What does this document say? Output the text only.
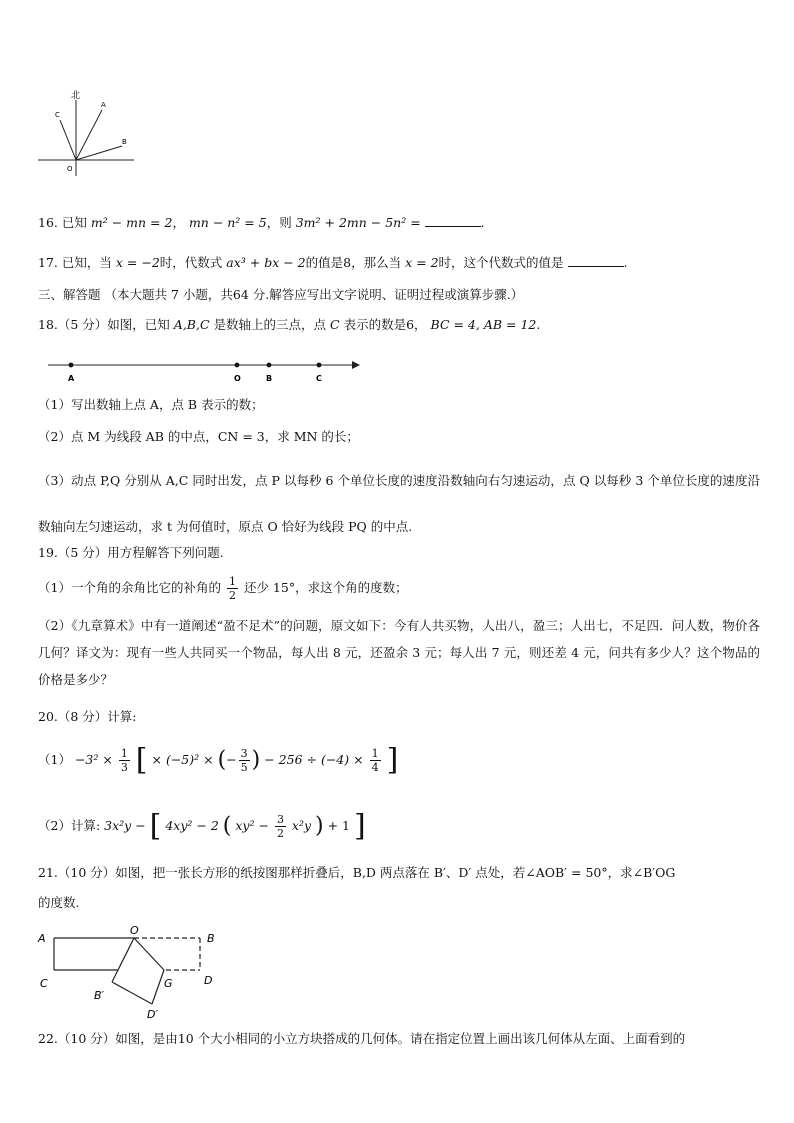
北
A
B
C
O
16. 已知 m² − mn = 2， mn − n² = 5，则 3m² + 2mn − 5n² =	.
17. 已知，当 x = −2时，代数式 ax³ + bx − 2的值是8，那么当 x = 2时，这个代数式的值是	.
三、解答题 （本大题共 7 小题，共64 分.解答应写出文字说明、证明过程或演算步骤.）
18.（5 分）如图，已知 A,B,C 是数轴上的三点，点 C 表示的数是6， BC = 4, AB = 12.
A	O	B	C
（1）写出数轴上点 A，点 B 表示的数；
（2）点 M 为线段 AB 的中点，CN = 3，求 MN 的长；
（3）动点 P,Q 分别从 A,C 同时出发，点 P 以每秒 6 个单位长度的速度沿数轴向右匀速运动，点 Q 以每秒 3 个单位长度的速度沿数轴向左匀速运动，求 t 为何值时，原点 O 恰好为线段 PQ 的中点.
19.（5 分）用方程解答下列问题.
（1）一个角的余角比它的补角的 $\frac{1}{2}$ 还少 15°，求这个角的度数；
（2）《九章算术》中有一道阐述“盈不足术”的问题，原文如下：今有人共买物，人出八，盈三；人出七，不足四．问人数，物价各几何？译文为：现有一些人共同买一个物品，每人出 8 元，还盈余 3 元；每人出 7 元，则还差 4 元，问共有多少人？这个物品的价格是多少？
20.（8 分）计算:
$(1) -3^2 \times \frac{1}{3}$ [ × (−5)² × (− $\frac{3}{5}$ ) − $256 \div (-4) \times \frac{1}{4}$ ]
（2）计算: 3x²y − [ 4xy² − 2 ( $xy^2 - \frac{3}{2} x^2y$ ) + 1 ]
21.（10 分）如图，把一张长方形的纸按图那样折叠后，B,D 两点落在 B′、D′ 点处，若∠AOB′ = 50°，求∠B′OG
的度数.
A
O
B
C	G	D
B′
D′
22.（10 分）如图，是由10 个大小相同的小立方块搭成的几何体。请在指定位置上画出该几何体从左面、上面看到的
